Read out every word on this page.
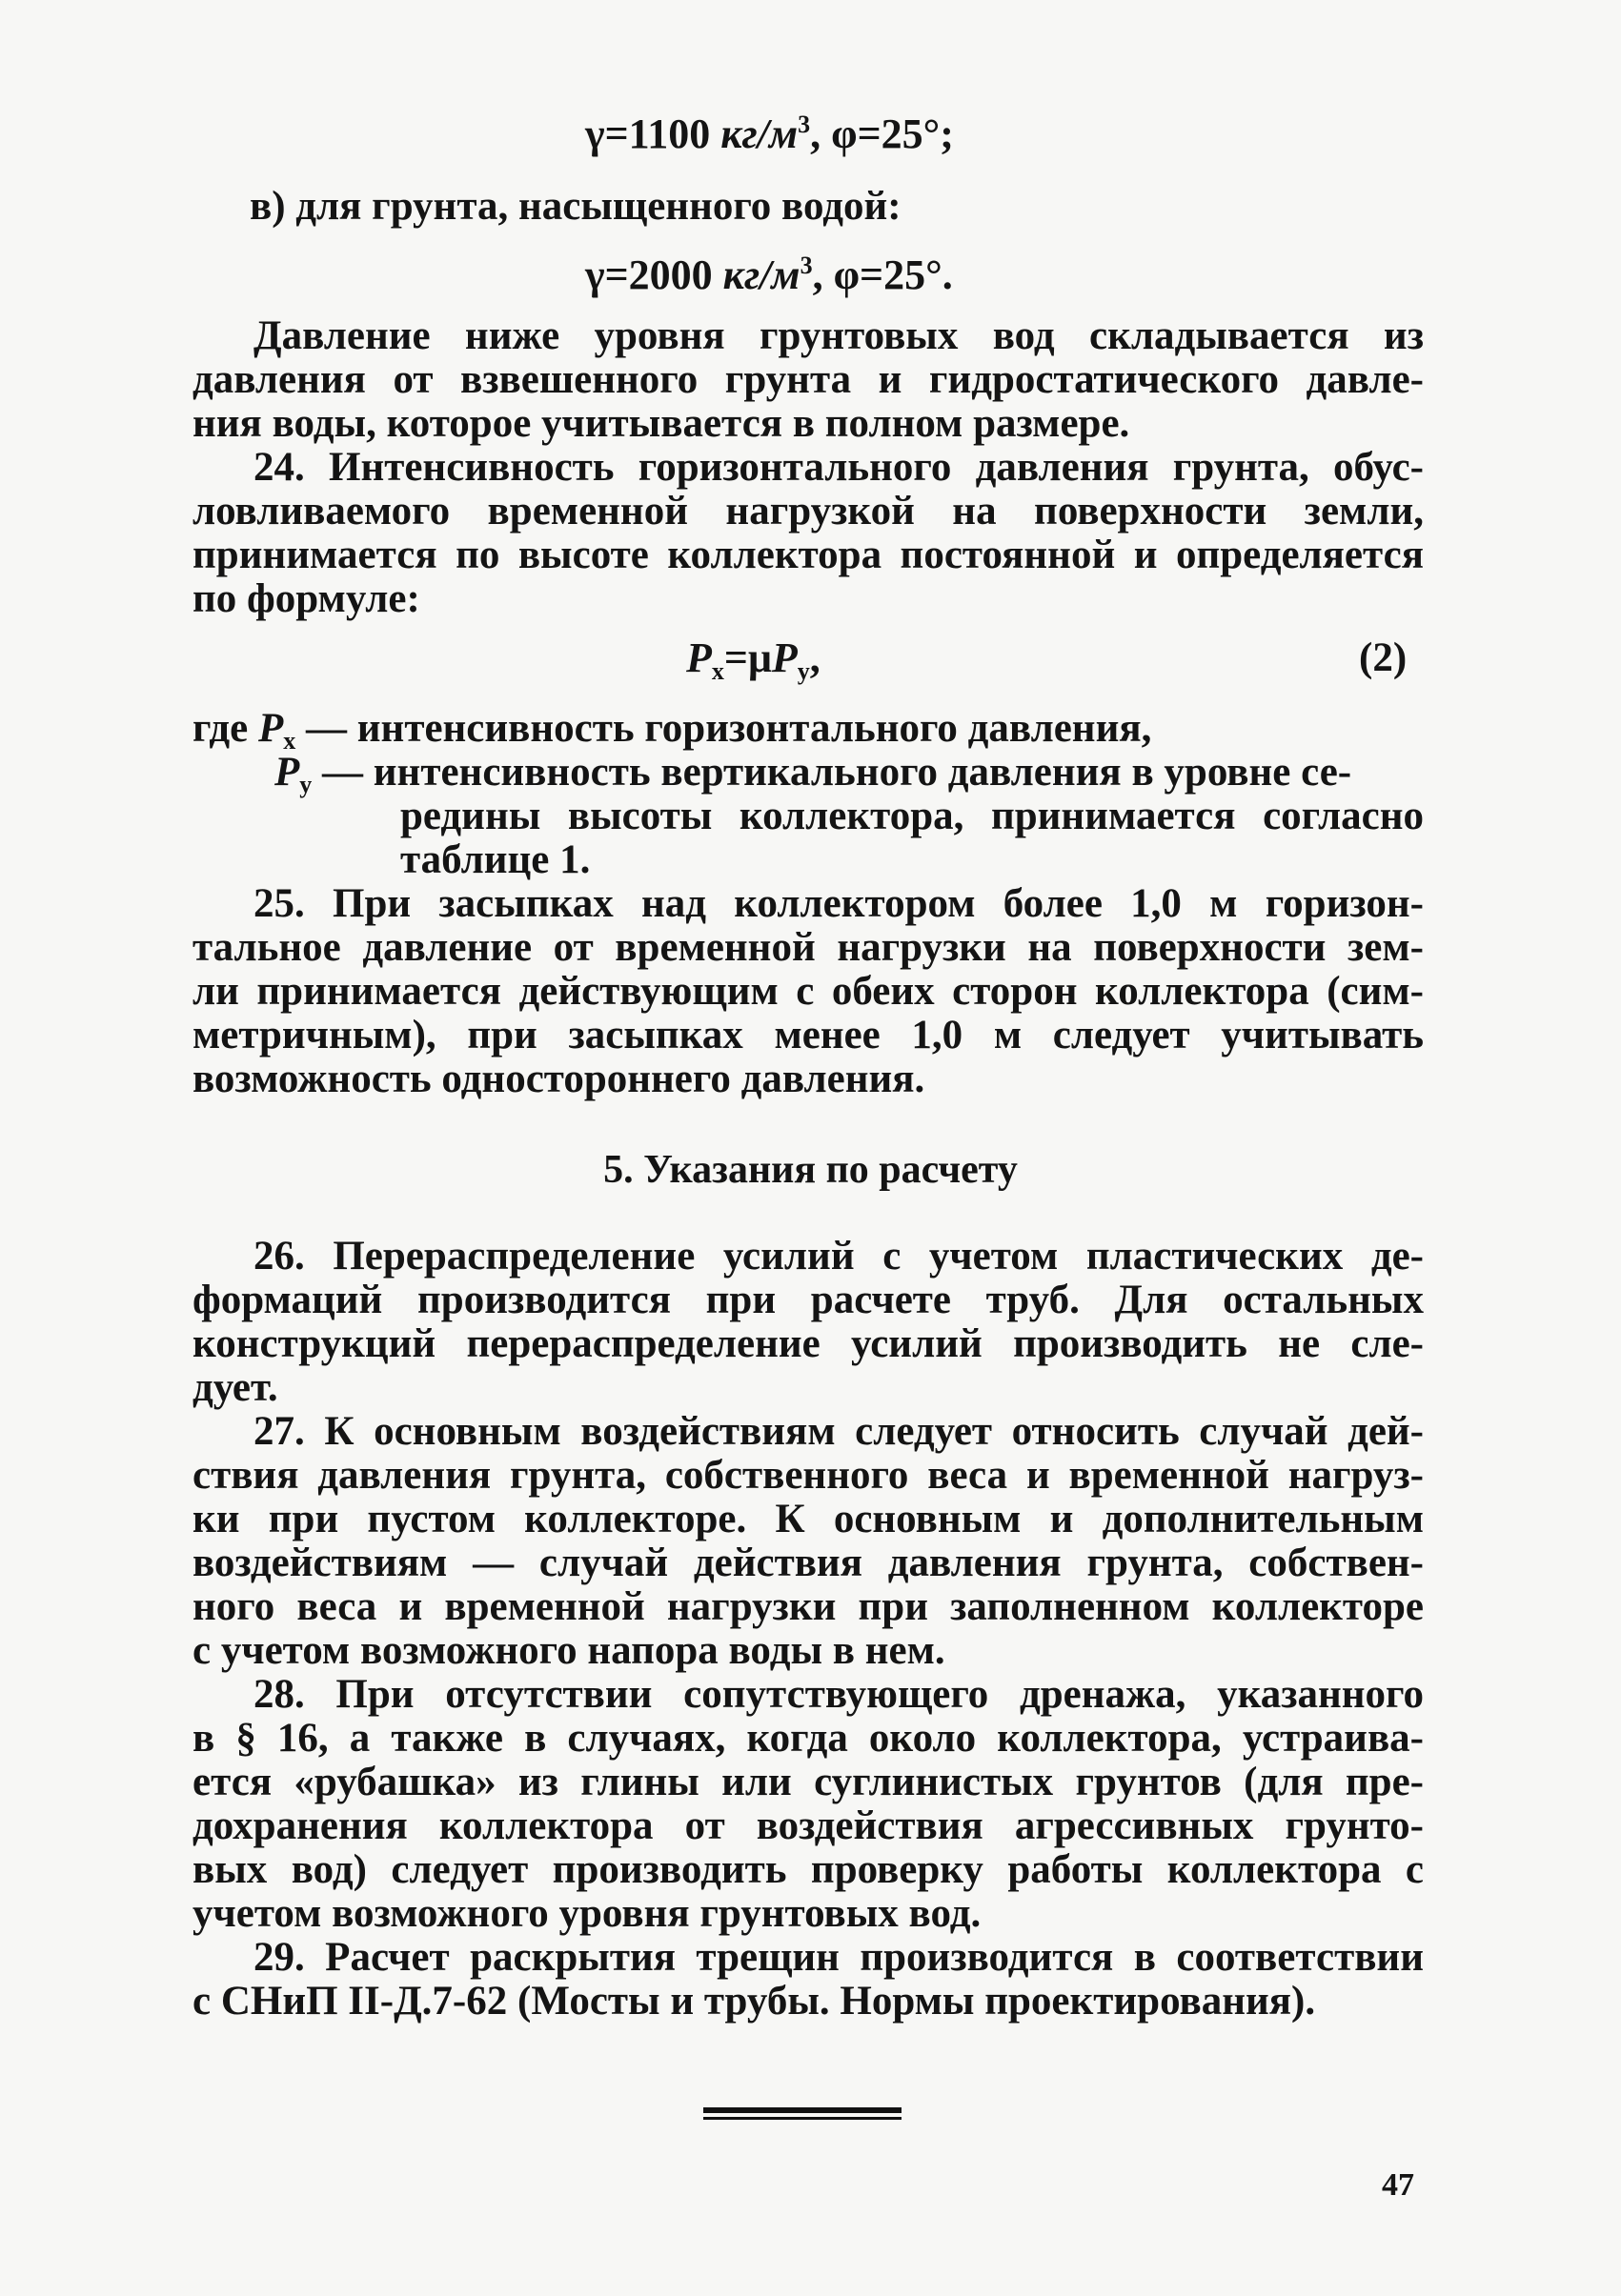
γ=1100 $кг/м^3$, φ=25°;
в) для грунта, насыщенного водой:
γ=2000 $кг/м^3$, φ=25°.
Давление ниже уровня грунтовых вод складывается из
давления от взвешенного грунта и гидростатического давле-
ния воды, которое учитывается в полном размере.
24. Интенсивность горизонтального давления грунта, обус-
ловливаемого временной нагрузкой на поверхности земли,
принимается по высоте коллектора постоянной и определяется
по формуле:
$P_x=\mu P_y$,	(2)
где $P_x$ — интенсивность горизонтального давления,
$P_y$ — интенсивность вертикального давления в уровне се-
редины высоты коллектора, принимается согласно
таблице 1.
25. При засыпках над коллектором более 1,0 м горизон-
тальное давление от временной нагрузки на поверхности зем-
ли принимается действующим с обеих сторон коллектора (сим-
метричным), при засыпках менее 1,0 м следует учитывать
возможность одностороннего давления.
5. Указания по расчету
26. Перераспределение усилий с учетом пластических де-
формаций производится при расчете труб. Для остальных
конструкций перераспределение усилий производить не сле-
дует.
27. К основным воздействиям следует относить случай дей-
ствия давления грунта, собственного веса и временной нагруз-
ки при пустом коллекторе. К основным и дополнительным
воздействиям — случай действия давления грунта, собствен-
ного веса и временной нагрузки при заполненном коллекторе
с учетом возможного напора воды в нем.
28. При отсутствии сопутствующего дренажа, указанного
в § 16, а также в случаях, когда около коллектора, устраива-
ется «рубашка» из глины или суглинистых грунтов (для пре-
дохранения коллектора от воздействия агрессивных грунто-
вых вод) следует производить проверку работы коллектора с
учетом возможного уровня грунтовых вод.
29. Расчет раскрытия трещин производится в соответствии
с СНиП II-Д.7-62 (Мосты и трубы. Нормы проектирования).
47
